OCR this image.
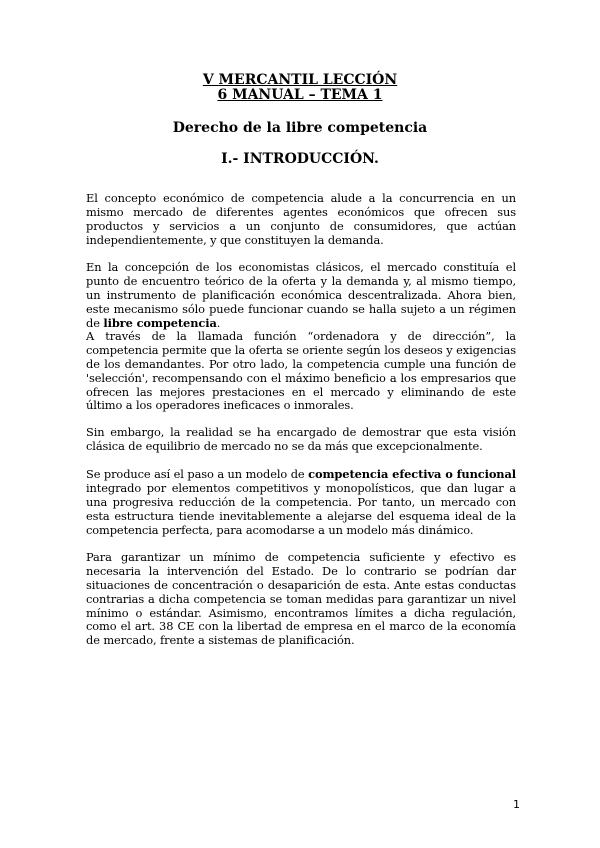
V MERCANTIL LECCIÓN
6 MANUAL – TEMA 1
Derecho de la libre competencia
I.- INTRODUCCIÓN.

El concepto económico de competencia alude a la concurrencia en un mismo mercado de diferentes agentes económicos que ofrecen sus productos y servicios a un conjunto de consumidores, que actúan independientemente, y que constituyen la demanda.

En la concepción de los economistas clásicos, el mercado constituía el punto de encuentro teórico de la oferta y la demanda y, al mismo tiempo, un instrumento de planificación económica descentralizada. Ahora bien, este mecanismo sólo puede funcionar cuando se halla sujeto a un régimen de libre competencia.

A través de la llamada función “ordenadora y de dirección”, la competencia permite que la oferta se oriente según los deseos y exigencias de los demandantes. Por otro lado, la competencia cumple una función de 'selección', recompensando con el máximo beneficio a los empresarios que ofrecen las mejores prestaciones en el mercado y eliminando de este último a los operadores ineficaces o inmorales.

Sin embargo, la realidad se ha encargado de demostrar que esta visión clásica de equilibrio de mercado no se da más que excepcionalmente.

Se produce así el paso a un modelo de competencia efectiva o funcional integrado por elementos competitivos y monopolísticos, que dan lugar a una progresiva reducción de la competencia. Por tanto, un mercado con esta estructura tiende inevitablemente a alejarse del esquema ideal de la competencia perfecta, para acomodarse a un modelo más dinámico.

Para garantizar un mínimo de competencia suficiente y efectivo es necesaria la intervención del Estado. De lo contrario se podrían dar situaciones de concentración o desaparición de esta. Ante estas conductas contrarias a dicha competencia se toman medidas para garantizar un nivel mínimo o estándar. Asimismo, encontramos límites a dicha regulación, como el art. 38 CE con la libertad de empresa en el marco de la economía de mercado, frente a sistemas de planificación.

1
